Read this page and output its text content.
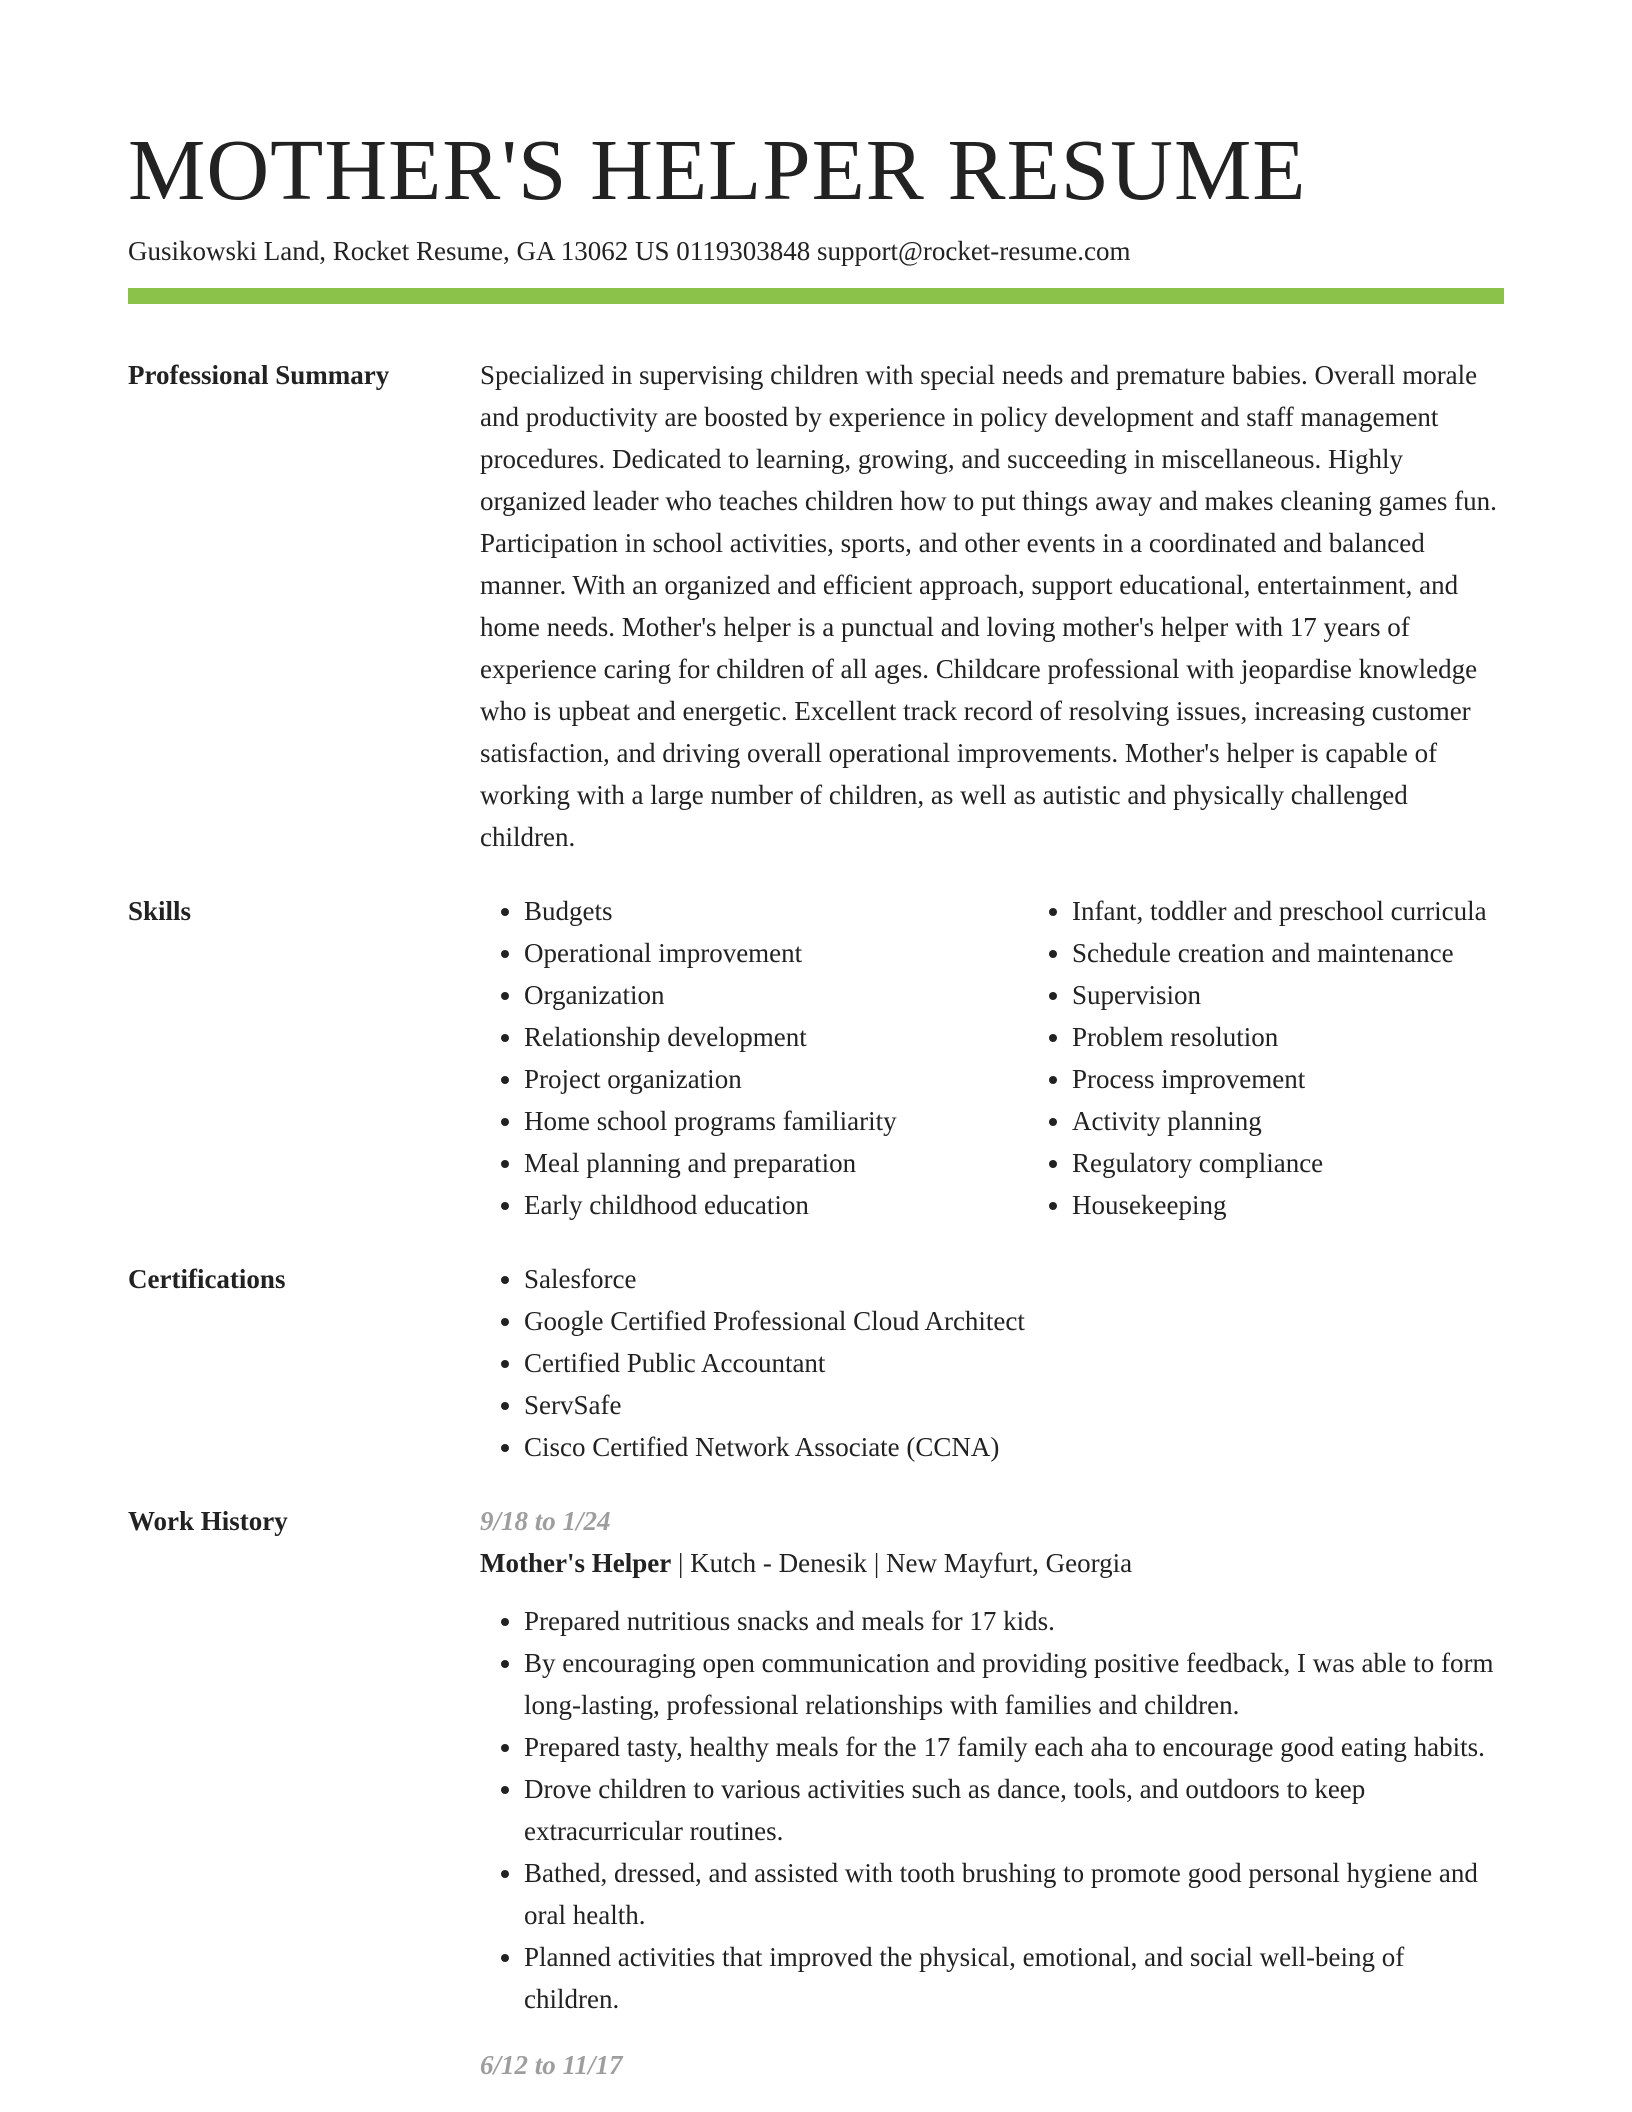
MOTHER'S HELPER RESUME
Gusikowski Land, Rocket Resume, GA 13062 US 0119303848 support@rocket-resume.com
Professional Summary	Specialized in supervising children with special needs and premature babies. Overall morale and productivity are boosted by experience in policy development and staff management procedures. Dedicated to learning, growing, and succeeding in miscellaneous. Highly organized leader who teaches children how to put things away and makes cleaning games fun. Participation in school activities, sports, and other events in a coordinated and balanced manner. With an organized and efficient approach, support educational, entertainment, and home needs. Mother's helper is a punctual and loving mother's helper with 17 years of experience caring for children of all ages. Childcare professional with jeopardise knowledge who is upbeat and energetic. Excellent track record of resolving issues, increasing customer satisfaction, and driving overall operational improvements. Mother's helper is capable of working with a large number of children, as well as autistic and physically challenged children.
Skills	• Budgets
• Operational improvement
• Organization
• Relationship development
• Project organization
• Home school programs familiarity
• Meal planning and preparation
• Early childhood education
• Infant, toddler and preschool curricula
• Schedule creation and maintenance
• Supervision
• Problem resolution
• Process improvement
• Activity planning
• Regulatory compliance
• Housekeeping
Certifications	• Salesforce
• Google Certified Professional Cloud Architect
• Certified Public Accountant
• ServSafe
• Cisco Certified Network Associate (CCNA)
Work History	9/18 to 1/24
Mother's Helper | Kutch - Denesik | New Mayfurt, Georgia
• Prepared nutritious snacks and meals for 17 kids.
• By encouraging open communication and providing positive feedback, I was able to form long-lasting, professional relationships with families and children.
• Prepared tasty, healthy meals for the 17 family each aha to encourage good eating habits.
• Drove children to various activities such as dance, tools, and outdoors to keep extracurricular routines.
• Bathed, dressed, and assisted with tooth brushing to promote good personal hygiene and oral health.
• Planned activities that improved the physical, emotional, and social well-being of children.
6/12 to 11/17
